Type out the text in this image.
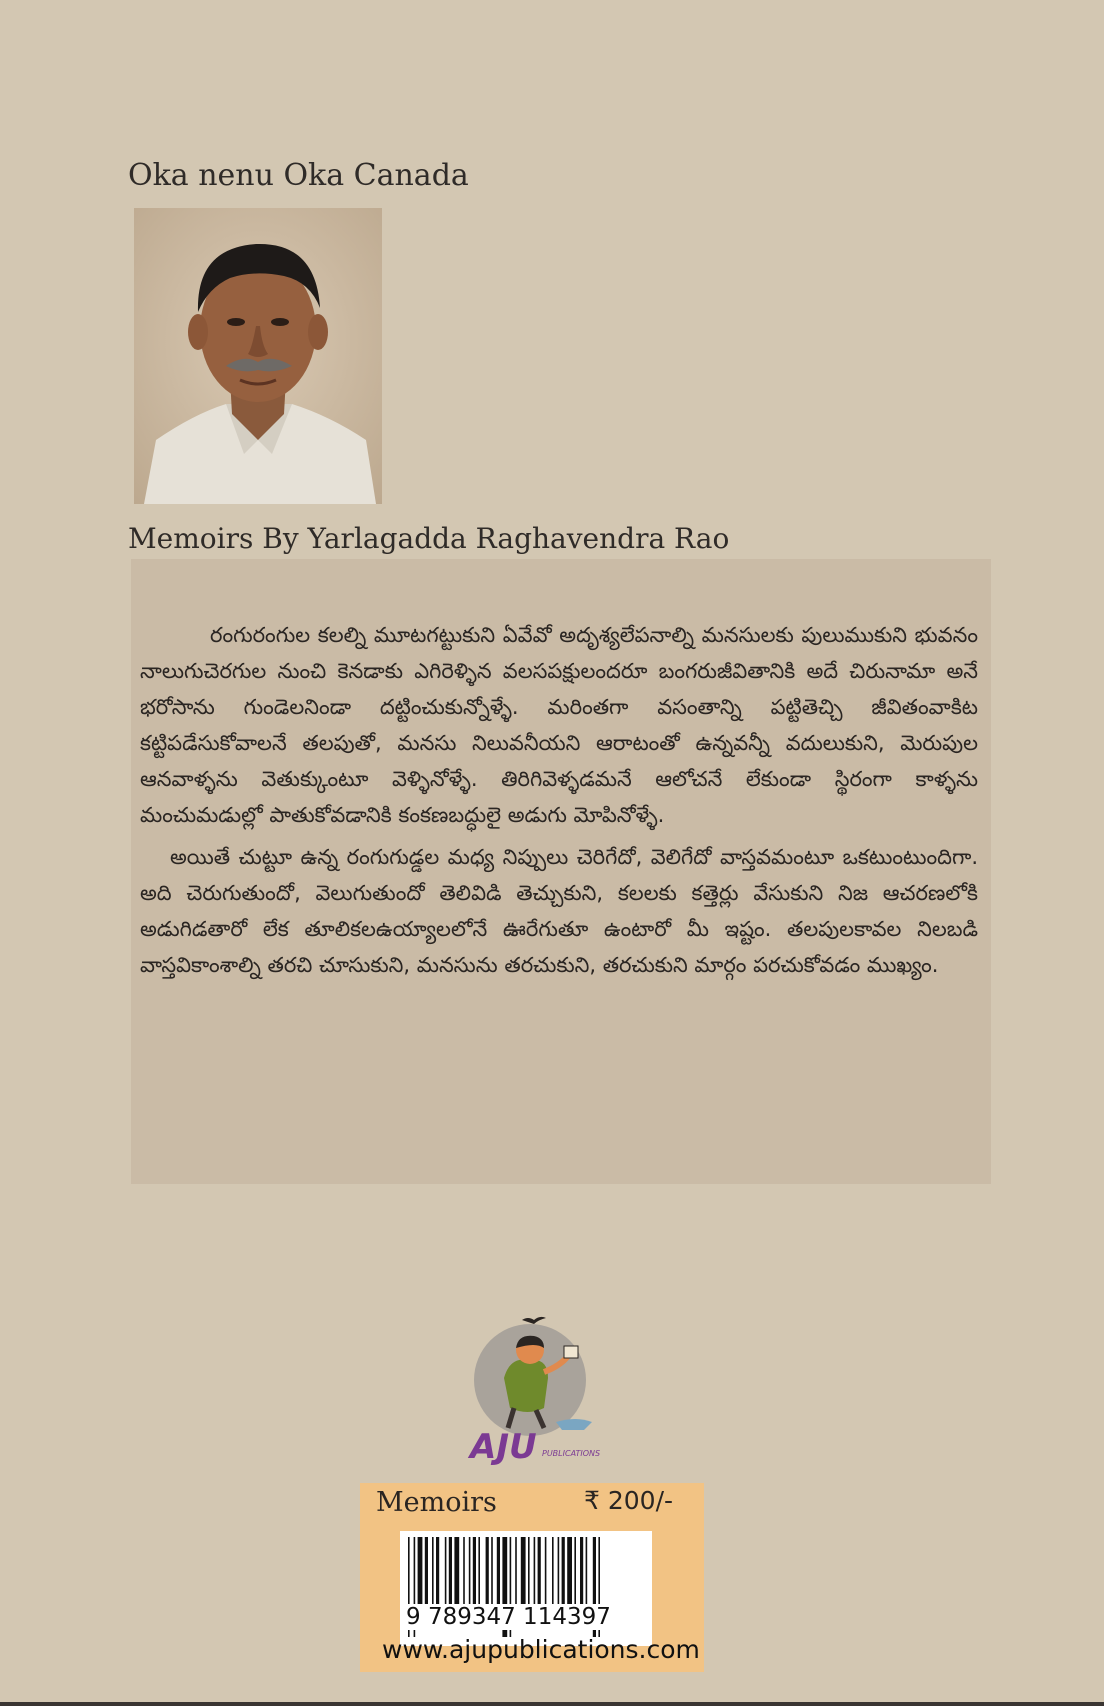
Oka nenu Oka Canada
Memoirs By Yarlagadda Raghavendra Rao

రంగురంగుల కలల్ని మూటగట్టుకుని ఏవేవో అదృశ్యలేపనాల్ని మనసులకు పులుముకుని భువనం నాలుగుచెరగుల నుంచి కెనడాకు ఎగిరెళ్ళిన వలసపక్షులందరూ బంగరుజీవితానికి అదే చిరునామా అనే భరోసాను గుండెలనిండా దట్టించుకున్నోళ్ళే. మరింతగా వసంతాన్ని పట్టితెచ్చి జీవితంవాకిట కట్టిపడేసుకోవాలనే తలపుతో, మనసు నిలువనీయని ఆరాటంతో ఉన్నవన్నీ వదులుకుని, మెరుపుల ఆనవాళ్ళను వెతుక్కుంటూ వెళ్ళినోళ్ళే. తిరిగివెళ్ళడమనే ఆలోచనే లేకుండా స్థిరంగా కాళ్ళను మంచుమడుల్లో పాతుకోవడానికి కంకణబద్ధులై అడుగు మోపినోళ్ళే.

అయితే చుట్టూ ఉన్న రంగుగుడ్డల మధ్య నిప్పులు చెరిగేదో, వెలిగేదో వాస్తవమంటూ ఒకటుంటుందిగా. అది చెరుగుతుందో, వెలుగుతుందో తెలివిడి తెచ్చుకుని, కలలకు కత్తెర్లు వేసుకుని నిజ ఆచరణలోకి అడుగిడతారో లేక తూలికలఉయ్యాలలోనే ఊరేగుతూ ఉంటారో మీ ఇష్టం. తలపులకావల నిలబడి వాస్తవికాంశాల్ని తరచి చూసుకుని, మనసును తరచుకుని, తరచుకుని మార్గం పరచుకోవడం ముఖ్యం.

AJU PUBLICATIONS
Memoirs	₹ 200/-
9 789347 114397
www.ajupublications.com
